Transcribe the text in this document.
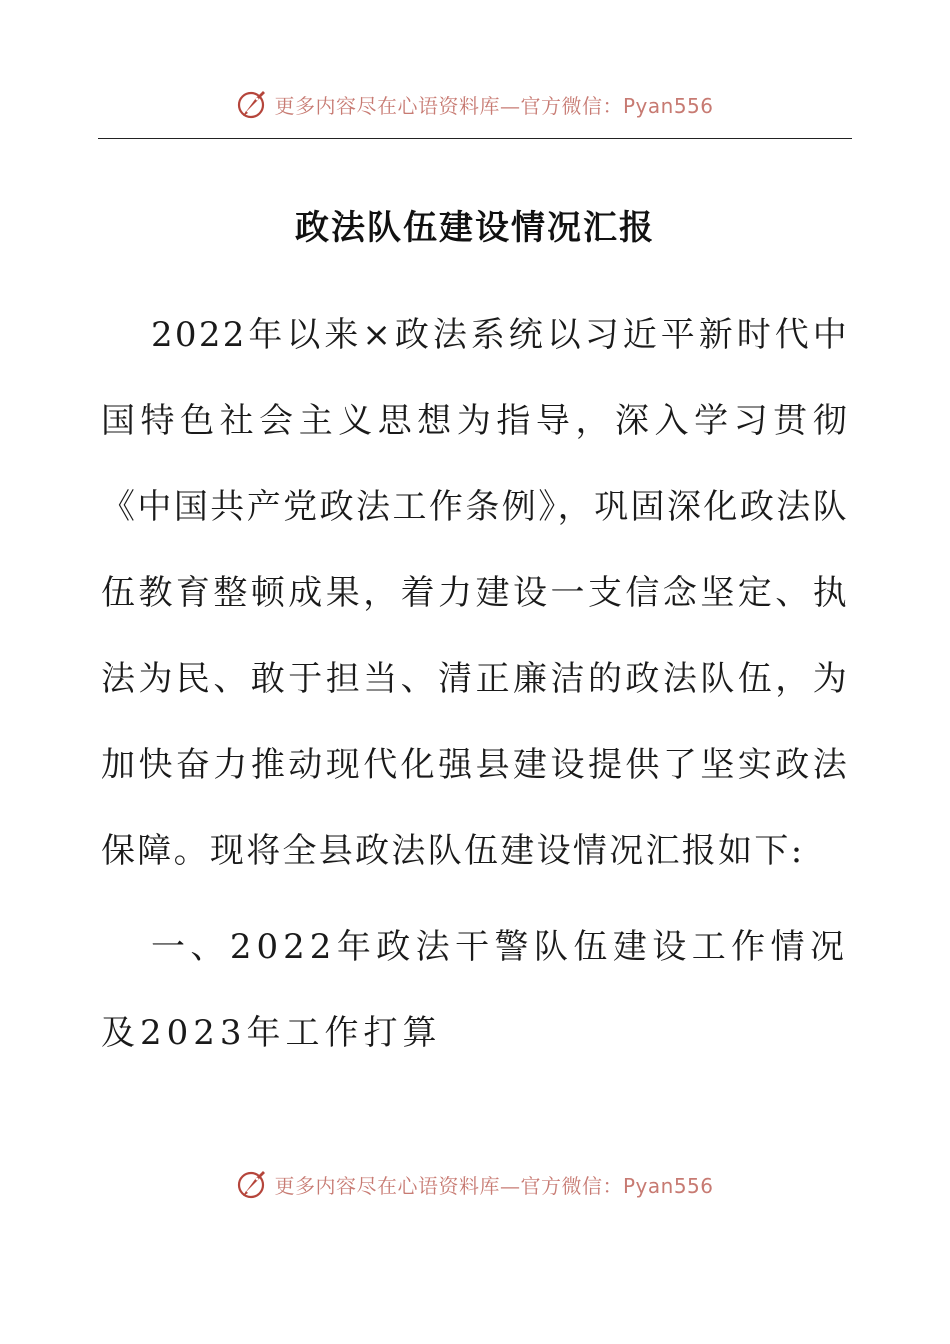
更多内容尽在心语资料库—官方微信：Pyan556
政法队伍建设情况汇报
2022年以来×政法系统以习近平新时代中国特色社会主义思想为指导，深入学习贯彻《中国共产党政法工作条例》，巩固深化政法队伍教育整顿成果，着力建设一支信念坚定、执法为民、敢于担当、清正廉洁的政法队伍，为加快奋力推动现代化强县建设提供了坚实政法保障。现将全县政法队伍建设情况汇报如下:
一、2022年政法干警队伍建设工作情况及2023年工作打算
更多内容尽在心语资料库—官方微信：Pyan556
